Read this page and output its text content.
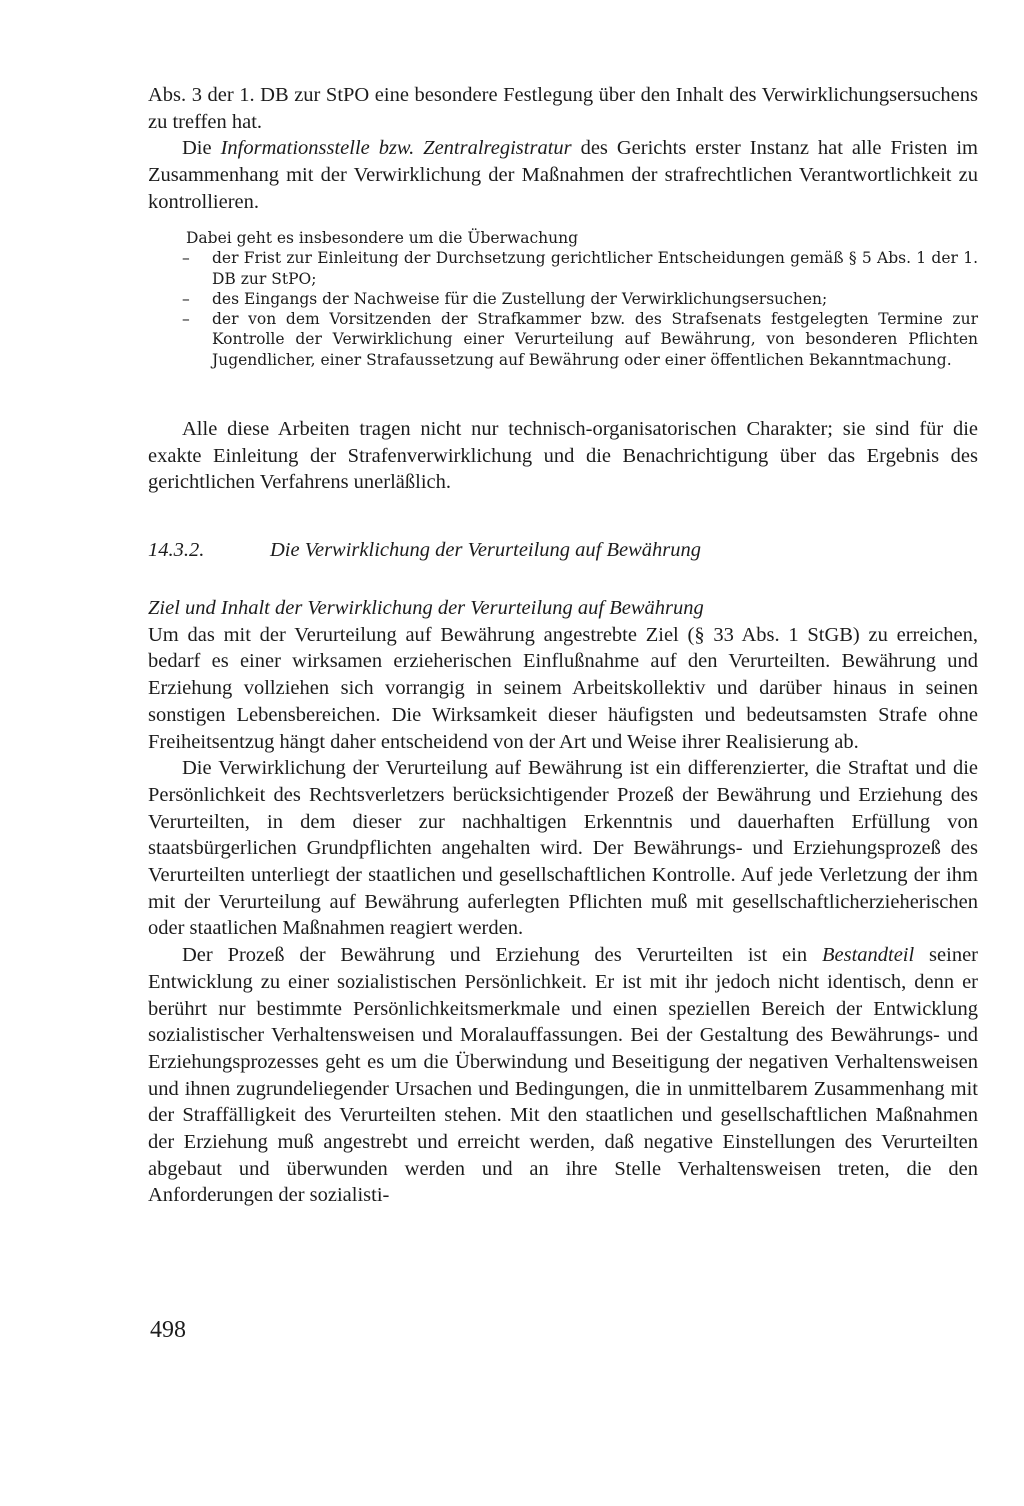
Abs. 3 der 1. DB zur StPO eine besondere Festlegung über den Inhalt des Verwirklichungsersuchens zu treffen hat.

Die Informationsstelle bzw. Zentralregistratur des Gerichts erster Instanz hat alle Fristen im Zusammenhang mit der Verwirklichung der Maßnahmen der strafrechtlichen Verantwortlichkeit zu kontrollieren.

Dabei geht es insbesondere um die Überwachung

– der Frist zur Einleitung der Durchsetzung gerichtlicher Entscheidungen gemäß § 5 Abs. 1 der 1. DB zur StPO;
– des Eingangs der Nachweise für die Zustellung der Verwirklichungsersuchen;
– der von dem Vorsitzenden der Strafkammer bzw. des Strafsenats festgelegten Termine zur Kontrolle der Verwirklichung einer Verurteilung auf Bewährung, von besonderen Pflichten Jugendlicher, einer Strafaussetzung auf Bewährung oder einer öffentlichen Bekanntmachung.

Alle diese Arbeiten tragen nicht nur technisch-organisatorischen Charakter; sie sind für die exakte Einleitung der Strafenverwirklichung und die Benachrichtigung über das Ergebnis des gerichtlichen Verfahrens unerläßlich.

14.3.2.	Die Verwirklichung der Verurteilung auf Bewährung

Ziel und Inhalt der Verwirklichung der Verurteilung auf Bewährung

Um das mit der Verurteilung auf Bewährung angestrebte Ziel (§ 33 Abs. 1 StGB) zu erreichen, bedarf es einer wirksamen erzieherischen Einflußnahme auf den Verurteilten. Bewährung und Erziehung vollziehen sich vorrangig in seinem Arbeitskollektiv und darüber hinaus in seinen sonstigen Lebensbereichen. Die Wirksamkeit dieser häufigsten und bedeutsamsten Strafe ohne Freiheitsentzug hängt daher entscheidend von der Art und Weise ihrer Realisierung ab.

Die Verwirklichung der Verurteilung auf Bewährung ist ein differenzierter, die Straftat und die Persönlichkeit des Rechtsverletzers berücksichtigender Prozeß der Bewährung und Erziehung des Verurteilten, in dem dieser zur nachhaltigen Erkenntnis und dauerhaften Erfüllung von staatsbürgerlichen Grundpflichten angehalten wird. Der Bewährungs- und Erziehungsprozeß des Verurteilten unterliegt der staatlichen und gesellschaftlichen Kontrolle. Auf jede Verletzung der ihm mit der Verurteilung auf Bewährung auferlegten Pflichten muß mit gesellschaftlicherzieherischen oder staatlichen Maßnahmen reagiert werden.

Der Prozeß der Bewährung und Erziehung des Verurteilten ist ein Bestandteil seiner Entwicklung zu einer sozialistischen Persönlichkeit. Er ist mit ihr jedoch nicht identisch, denn er berührt nur bestimmte Persönlichkeitsmerkmale und einen speziellen Bereich der Entwicklung sozialistischer Verhaltensweisen und Moralauffassungen. Bei der Gestaltung des Bewährungs- und Erziehungsprozesses geht es um die Überwindung und Beseitigung der negativen Verhaltensweisen und ihnen zugrundeliegender Ursachen und Bedingungen, die in unmittelbarem Zusammenhang mit der Straffälligkeit des Verurteilten stehen. Mit den staatlichen und gesellschaftlichen Maßnahmen der Erziehung muß angestrebt und erreicht werden, daß negative Einstellungen des Verurteilten abgebaut und überwunden werden und an ihre Stelle Verhaltensweisen treten, die den Anforderungen der sozialisti-

498
